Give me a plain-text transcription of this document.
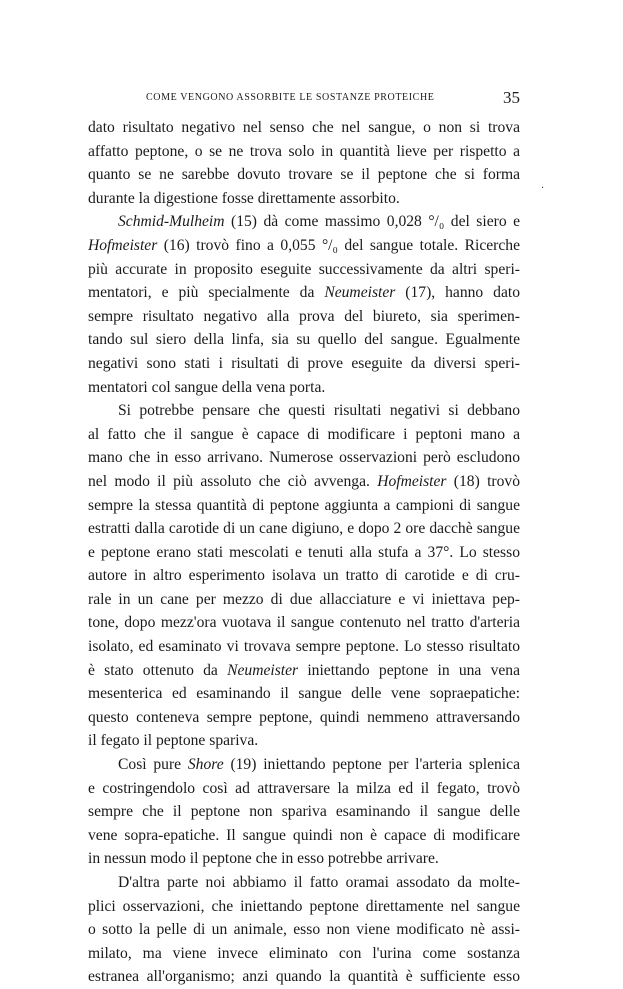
COME VENGONO ASSORBITE LE SOSTANZE PROTEICHE	35
·
dato risultato negativo nel senso che nel sangue, o non si trova
affatto peptone, o se ne trova solo in quantità lieve per rispetto a
quanto se ne sarebbe dovuto trovare se il peptone che si forma
durante la digestione fosse direttamente assorbito.
Schmid-Mulheim (15) dà come massimo 0,028 °/₀ del siero e
Hofmeister (16) trovò fino a 0,055 °/₀ del sangue totale. Ricerche
più accurate in proposito eseguite successivamente da altri speri-
mentatori, e più specialmente da Neumeister (17), hanno dato
sempre risultato negativo alla prova del biureto, sia sperimen-
tando sul siero della linfa, sia su quello del sangue. Egualmente
negativi sono stati i risultati di prove eseguite da diversi speri-
mentatori col sangue della vena porta.
Si potrebbe pensare che questi risultati negativi si debbano
al fatto che il sangue è capace di modificare i peptoni mano a
mano che in esso arrivano. Numerose osservazioni però escludono
nel modo il più assoluto che ciò avvenga. Hofmeister (18) trovò
sempre la stessa quantità di peptone aggiunta a campioni di sangue
estratti dalla carotide di un cane digiuno, e dopo 2 ore dacchè sangue
e peptone erano stati mescolati e tenuti alla stufa a 37°. Lo stesso
autore in altro esperimento isolava un tratto di carotide e di cru-
rale in un cane per mezzo di due allacciature e vi iniettava pep-
tone, dopo mezz'ora vuotava il sangue contenuto nel tratto d'arteria
isolato, ed esaminato vi trovava sempre peptone. Lo stesso risultato
è stato ottenuto da Neumeister iniettando peptone in una vena
mesenterica ed esaminando il sangue delle vene sopraepatiche:
questo conteneva sempre peptone, quindi nemmeno attraversando
il fegato il peptone spariva.
Così pure Shore (19) iniettando peptone per l'arteria splenica
e costringendolo così ad attraversare la milza ed il fegato, trovò
sempre che il peptone non spariva esaminando il sangue delle
vene sopra-epatiche. Il sangue quindi non è capace di modificare
in nessun modo il peptone che in esso potrebbe arrivare.
D'altra parte noi abbiamo il fatto oramai assodato da molte-
plici osservazioni, che iniettando peptone direttamente nel sangue
o sotto la pelle di un animale, esso non viene modificato nè assi-
milato, ma viene invece eliminato con l'urina come sostanza
estranea all'organismo; anzi quando la quantità è sufficiente esso
